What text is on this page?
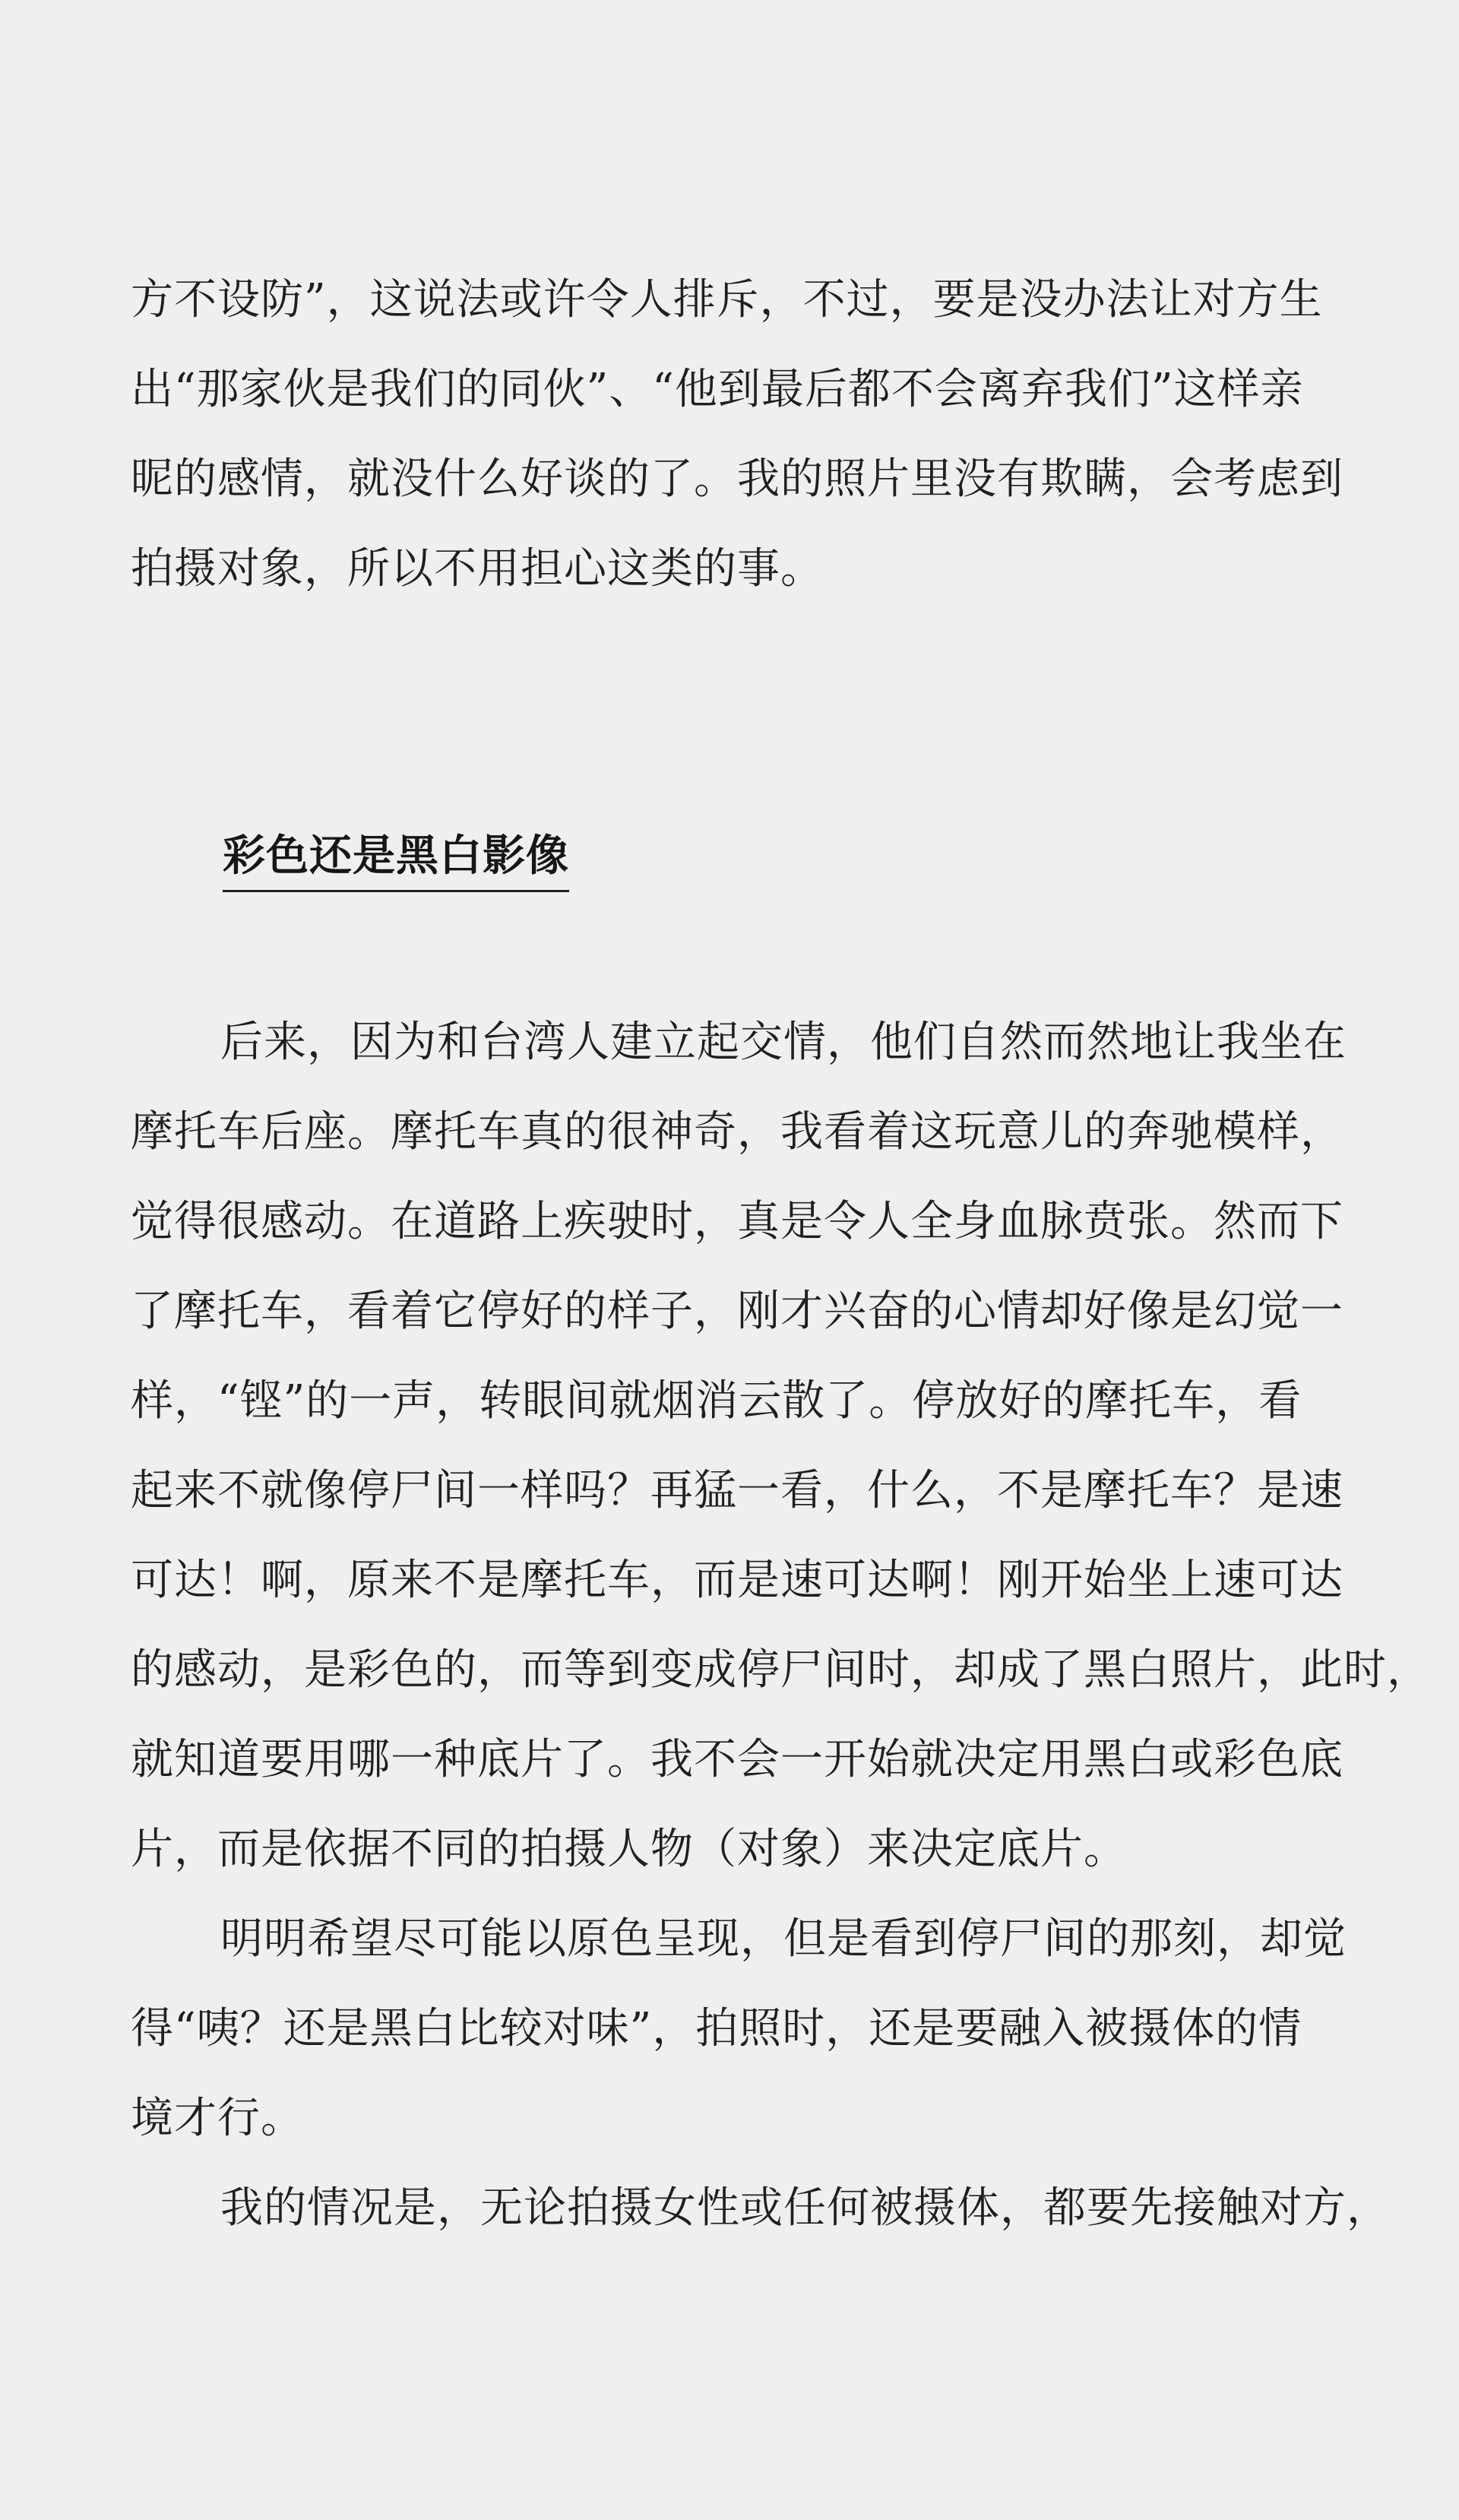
方不设防”，这说法或许令人排斥，不过，要是没办法让对方生
出“那家伙是我们的同伙”、“他到最后都不会离弃我们”这样亲
昵的感情，就没什么好谈的了。我的照片里没有欺瞒，会考虑到
拍摄对象，所以不用担心这类的事。
彩色还是黑白影像
后来，因为和台湾人建立起交情，他们自然而然地让我坐在
摩托车后座。摩托车真的很神奇，我看着这玩意儿的奔驰模样，
觉得很感动。在道路上疾驶时，真是令人全身血脉贲张。然而下
了摩托车，看着它停好的样子，刚才兴奋的心情却好像是幻觉一
样，“铿”的一声，转眼间就烟消云散了。停放好的摩托车，看
起来不就像停尸间一样吗？再猛一看，什么，不是摩托车？是速
可达！啊，原来不是摩托车，而是速可达啊！刚开始坐上速可达
的感动，是彩色的，而等到变成停尸间时，却成了黑白照片，此时，
就知道要用哪一种底片了。我不会一开始就决定用黑白或彩色底
片，而是依据不同的拍摄人物（对象）来决定底片。
明明希望尽可能以原色呈现，但是看到停尸间的那刻，却觉
得“咦？还是黑白比较对味”，拍照时，还是要融入被摄体的情
境才行。
我的情况是，无论拍摄女性或任何被摄体，都要先接触对方，
